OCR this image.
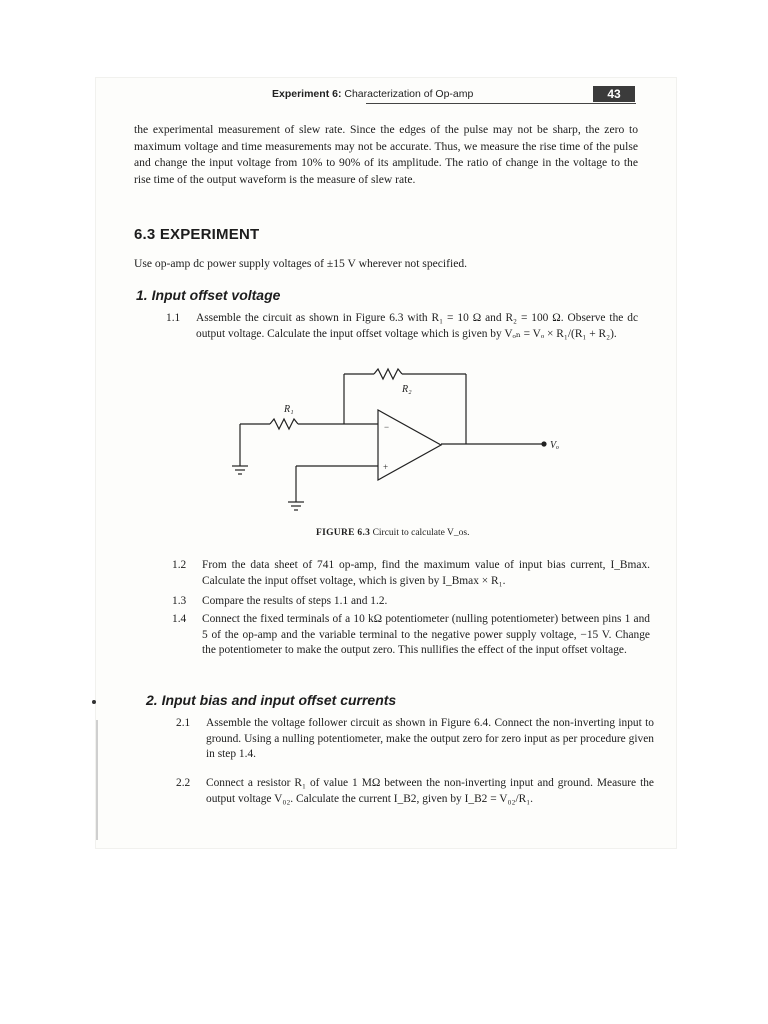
Experiment 6: Characterization of Op-amp	43
the experimental measurement of slew rate. Since the edges of the pulse may not be sharp, the zero to maximum voltage and time measurements may not be accurate. Thus, we measure the rise time of the pulse and change the input voltage from 10% to 90% of its amplitude. The ratio of change in the voltage to the rise time of the output waveform is the measure of slew rate.
6.3 EXPERIMENT
Use op-amp dc power supply voltages of ±15 V wherever not specified.
1. Input offset voltage
1.1 Assemble the circuit as shown in Figure 6.3 with R₁ = 10 Ω and R₂ = 100 Ω. Observe the dc output voltage. Calculate the input offset voltage which is given by Vₒₙ = Vₒ × R₁/(R₁ + R₂).
R₁
R₂
Vₒ
−
+
FIGURE 6.3 Circuit to calculate V_os.
1.2 From the data sheet of 741 op-amp, find the maximum value of input bias current, I_Bmax. Calculate the input offset voltage, which is given by I_Bmax × R₁.
1.3 Compare the results of steps 1.1 and 1.2.
1.4 Connect the fixed terminals of a 10 kΩ potentiometer (nulling potentiometer) between pins 1 and 5 of the op-amp and the variable terminal to the negative power supply voltage, −15 V. Change the potentiometer to make the output zero. This nullifies the effect of the input offset voltage.
2. Input bias and input offset currents
2.1 Assemble the voltage follower circuit as shown in Figure 6.4. Connect the non-inverting input to ground. Using a nulling potentiometer, make the output zero for zero input as per procedure given in step 1.4.
2.2 Connect a resistor R₁ of value 1 MΩ between the non-inverting input and ground. Measure the output voltage V₀₂. Calculate the current I_B2, given by I_B2 = V₀₂/R₁.
